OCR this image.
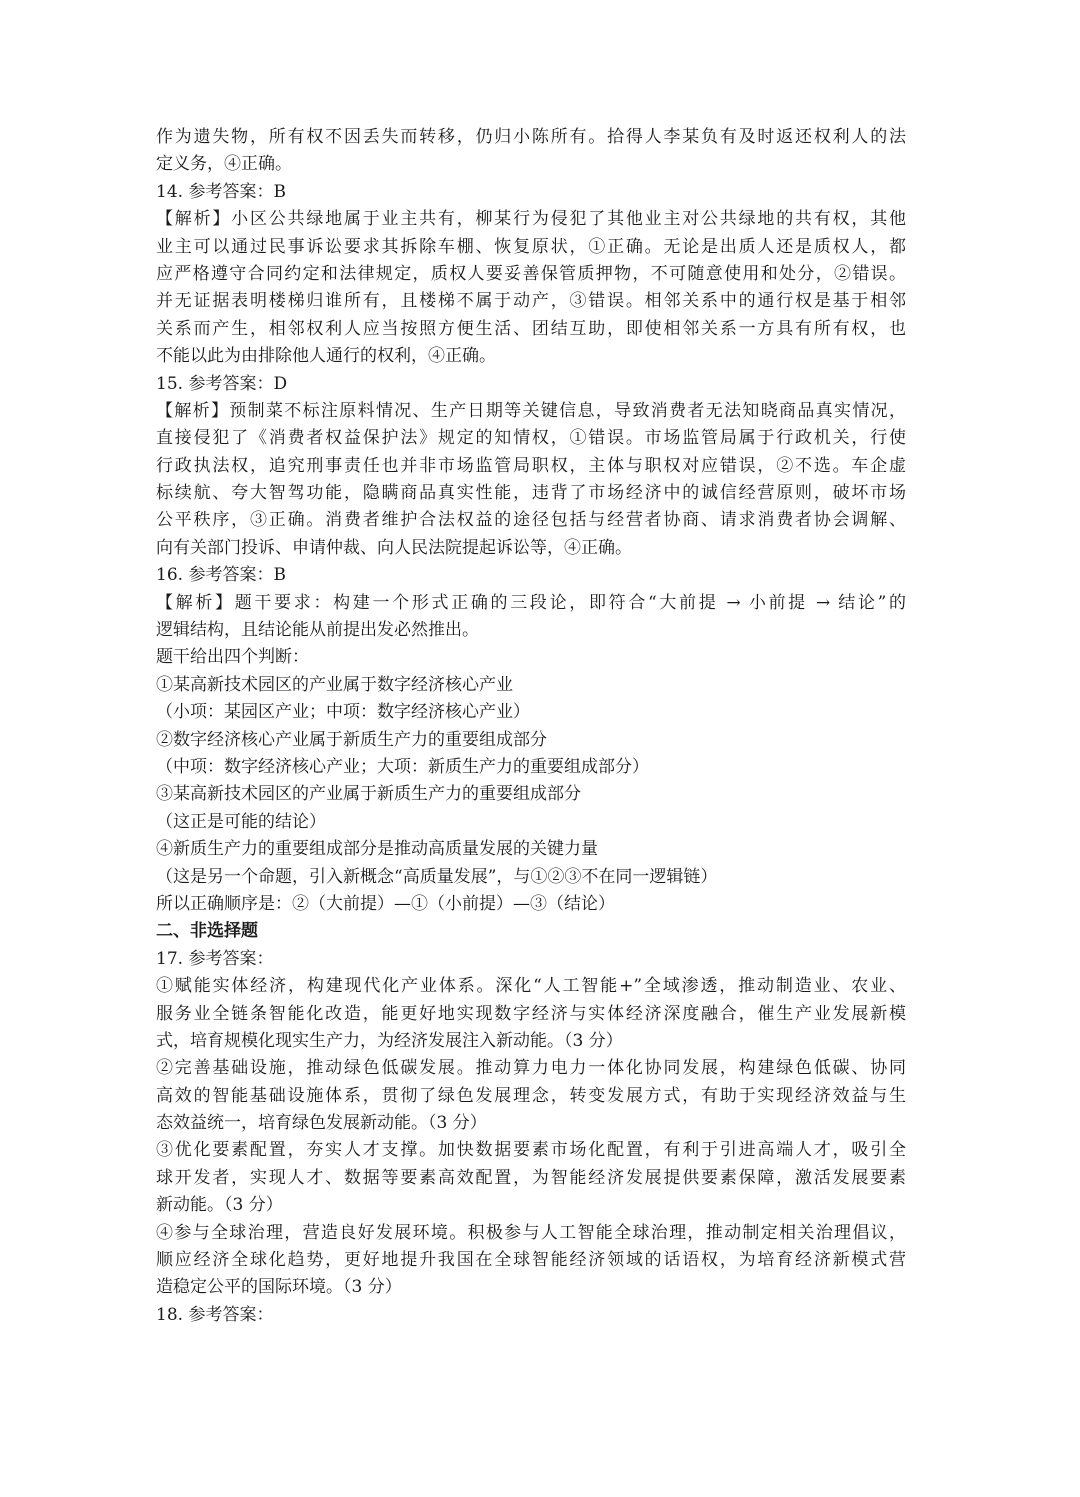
作为遗失物，所有权不因丢失而转移，仍归小陈所有。拾得人李某负有及时返还权利人的法
定义务，④正确。
14. 参考答案：B
【解析】小区公共绿地属于业主共有，柳某行为侵犯了其他业主对公共绿地的共有权，其他
业主可以通过民事诉讼要求其拆除车棚、恢复原状，①正确。无论是出质人还是质权人，都
应严格遵守合同约定和法律规定，质权人要妥善保管质押物，不可随意使用和处分，②错误。
并无证据表明楼梯归谁所有，且楼梯不属于动产，③错误。相邻关系中的通行权是基于相邻
关系而产生，相邻权利人应当按照方便生活、团结互助，即使相邻关系一方具有所有权，也
不能以此为由排除他人通行的权利，④正确。
15. 参考答案：D
【解析】预制菜不标注原料情况、生产日期等关键信息，导致消费者无法知晓商品真实情况，
直接侵犯了《消费者权益保护法》规定的知情权，①错误。市场监管局属于行政机关，行使
行政执法权，追究刑事责任也并非市场监管局职权，主体与职权对应错误，②不选。车企虚
标续航、夸大智驾功能，隐瞒商品真实性能，违背了市场经济中的诚信经营原则，破坏市场
公平秩序，③正确。消费者维护合法权益的途径包括与经营者协商、请求消费者协会调解、
向有关部门投诉、申请仲裁、向人民法院提起诉讼等，④正确。
16. 参考答案：B
【解析】题干要求：构建一个形式正确的三段论，即符合“大前提 → 小前提 → 结论”的
逻辑结构，且结论能从前提出发必然推出。
题干给出四个判断：
①某高新技术园区的产业属于数字经济核心产业
（小项：某园区产业；中项：数字经济核心产业）
②数字经济核心产业属于新质生产力的重要组成部分
（中项：数字经济核心产业；大项：新质生产力的重要组成部分）
③某高新技术园区的产业属于新质生产力的重要组成部分
（这正是可能的结论）
④新质生产力的重要组成部分是推动高质量发展的关键力量
（这是另一个命题，引入新概念“高质量发展”，与①②③不在同一逻辑链）
所以正确顺序是：②（大前提）—①（小前提）—③（结论）
二、非选择题
17. 参考答案：
①赋能实体经济，构建现代化产业体系。深化“人工智能+”全域渗透，推动制造业、农业、
服务业全链条智能化改造，能更好地实现数字经济与实体经济深度融合，催生产业发展新模
式，培育规模化现实生产力，为经济发展注入新动能。（3 分）
②完善基础设施，推动绿色低碳发展。推动算力电力一体化协同发展，构建绿色低碳、协同
高效的智能基础设施体系，贯彻了绿色发展理念，转变发展方式，有助于实现经济效益与生
态效益统一，培育绿色发展新动能。（3 分）
③优化要素配置，夯实人才支撑。加快数据要素市场化配置，有利于引进高端人才，吸引全
球开发者，实现人才、数据等要素高效配置，为智能经济发展提供要素保障，激活发展要素
新动能。（3 分）
④参与全球治理，营造良好发展环境。积极参与人工智能全球治理，推动制定相关治理倡议，
顺应经济全球化趋势，更好地提升我国在全球智能经济领域的话语权，为培育经济新模式营
造稳定公平的国际环境。（3 分）
18. 参考答案：
